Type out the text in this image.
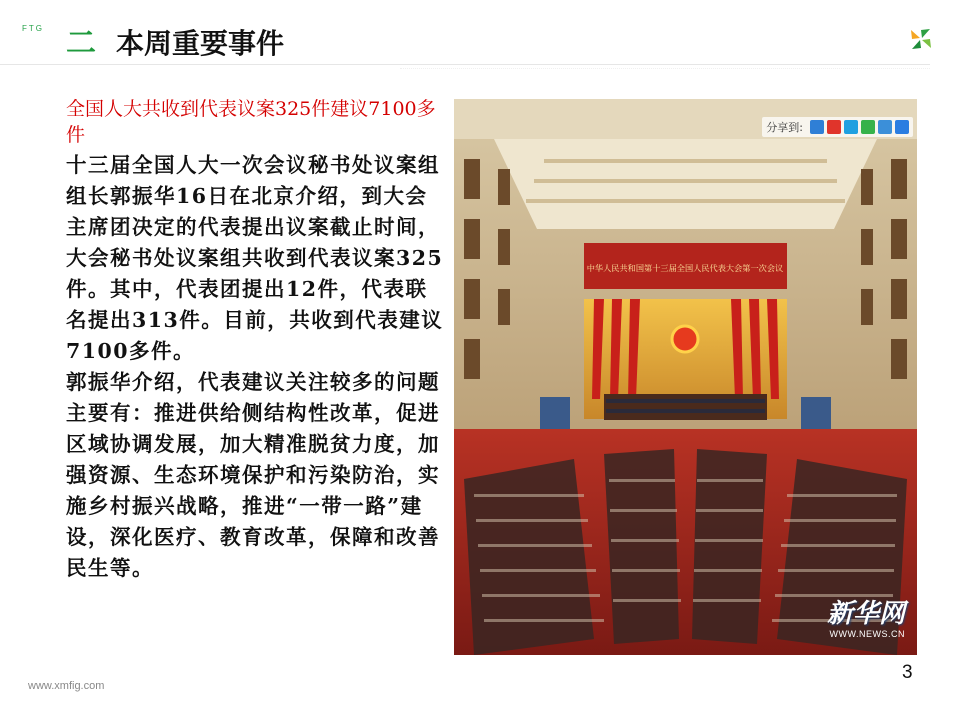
FTG 二 本周重要事件

全国人大共收到代表议案325件建议7100多件

十三届全国人大一次会议秘书处议案组组长郭振华16日在北京介绍，到大会主席团决定的代表提出议案截止时间，大会秘书处议案组共收到代表议案325件。其中，代表团提出12件，代表联名提出313件。目前，共收到代表建议7100多件。

郭振华介绍，代表建议关注较多的问题主要有：推进供给侧结构性改革，促进区域协调发展，加大精准脱贫力度，加强资源、生态环境保护和污染防治，实施乡村振兴战略，推进“一带一路”建设，深化医疗、教育改革，保障和改善民生等。

中华人民共和国第十三届全国人民代表大会第一次会议
分享到:
新华网
WWW.NEWS.CN
www.xmfig.com
3
